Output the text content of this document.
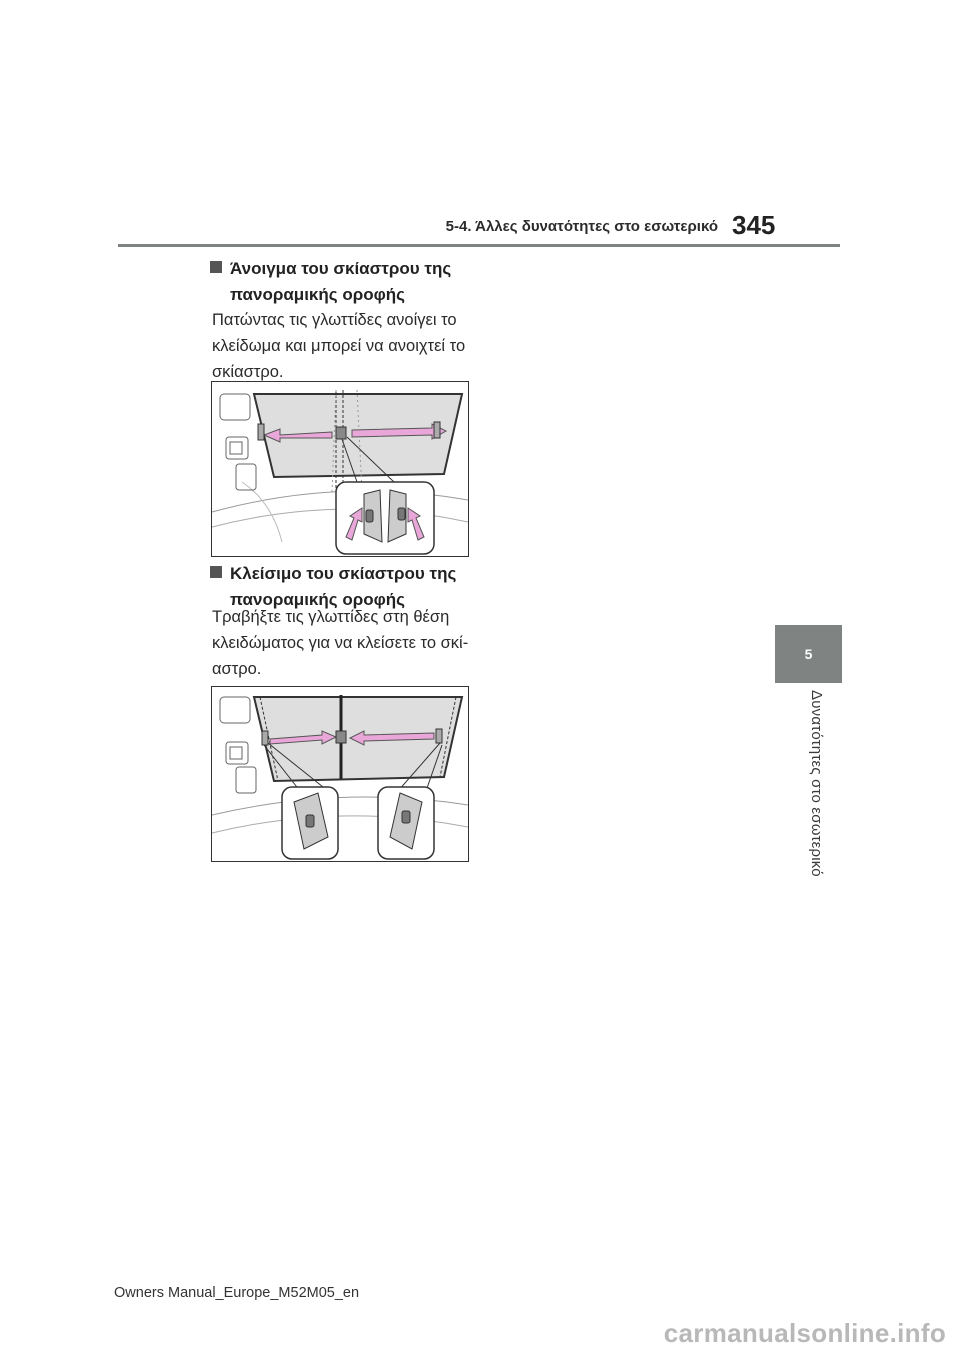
5-4. Άλλες δυνατότητες στο εσωτερικό 345
5
Δυνατότητες στο εσωτερικό
Άνοιγμα του σκίαστρου της πανοραμικής οροφής
Πατώντας τις γλωττίδες ανοίγει το κλείδωμα και μπορεί να ανοιχτεί το σκίαστρο.
Κλείσιμο του σκίαστρου της πανοραμικής οροφής
Τραβήξτε τις γλωττίδες στη θέση κλειδώματος για να κλείσετε το σκί-αστρο.
Owners Manual_Europe_M52M05_en
carmanualsonline.info
